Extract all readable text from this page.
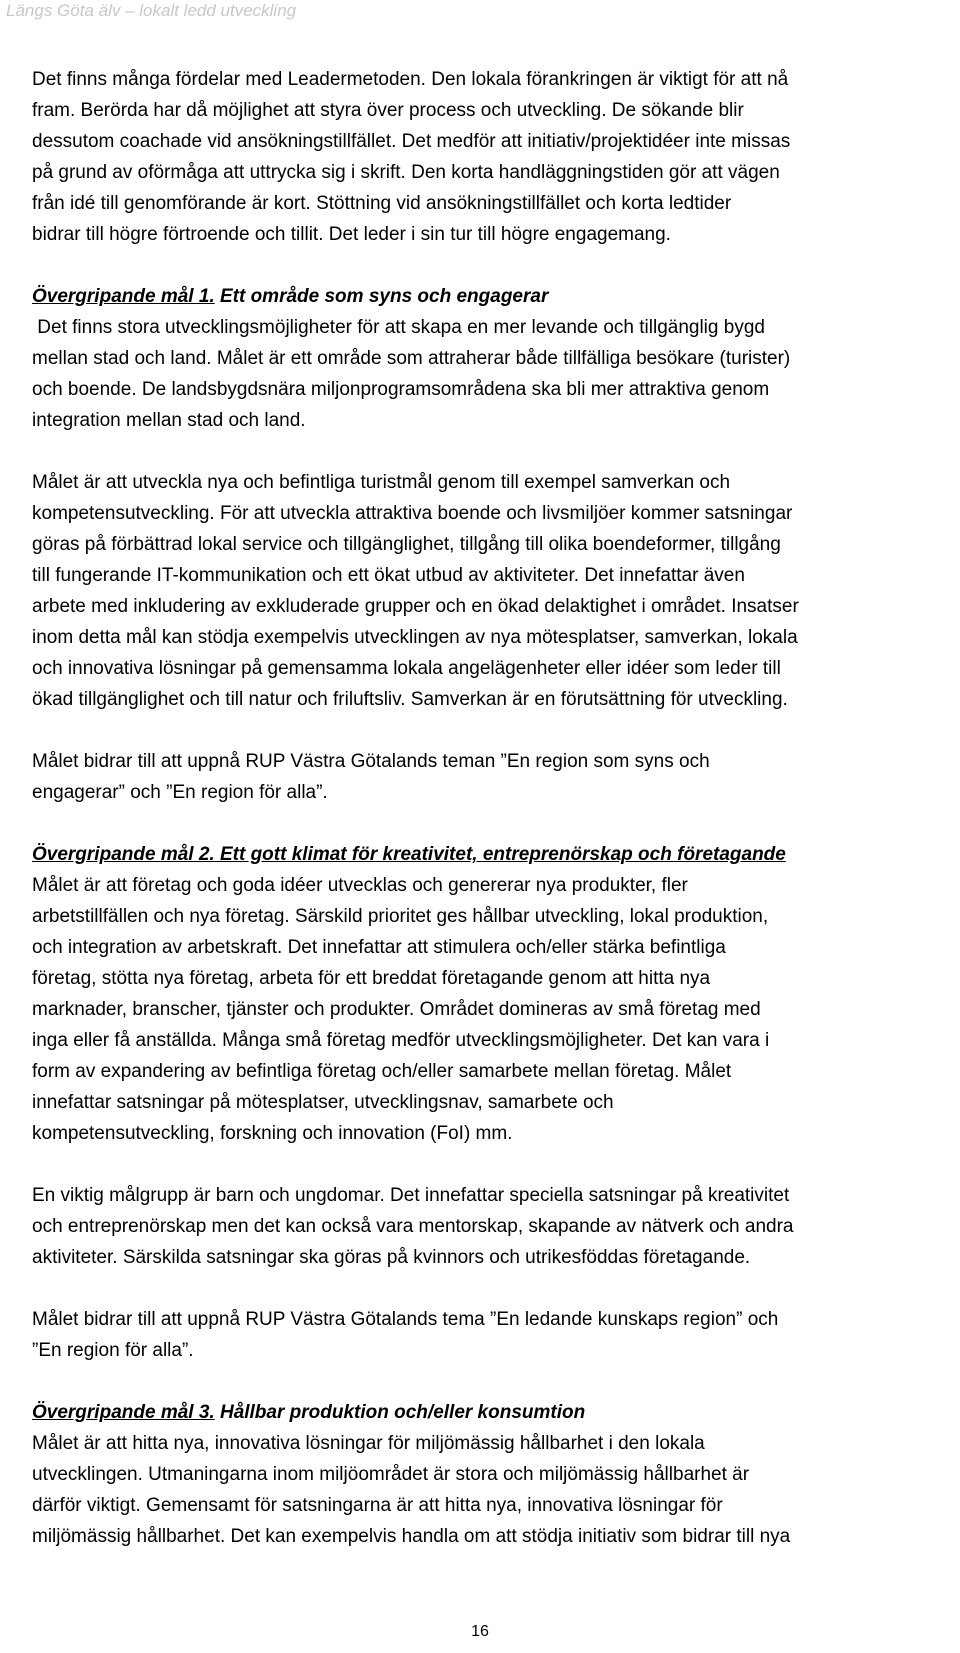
Längs Göta älv – lokalt ledd utveckling

Det finns många fördelar med Leadermetoden. Den lokala förankringen är viktigt för att nå

fram. Berörda har då möjlighet att styra över process och utveckling. De sökande blir

dessutom coachade vid ansökningstillfället. Det medför att initiativ/projektidéer inte missas

på grund av oförmåga att uttrycka sig i skrift. Den korta handläggningstiden gör att vägen

från idé till genomförande är kort. Stöttning vid ansökningstillfället och korta ledtider

bidrar till högre förtroende och tillit. Det leder i sin tur till högre engagemang.

Övergripande mål 1. Ett område som syns och engagerar

Det finns stora utvecklingsmöjligheter för att skapa en mer levande och tillgänglig bygd

mellan stad och land. Målet är ett område som attraherar både tillfälliga besökare (turister)

och boende. De landsbygdsnära miljonprogramsområdena ska bli mer attraktiva genom

integration mellan stad och land.

Målet är att utveckla nya och befintliga turistmål genom till exempel samverkan och

kompetensutveckling. För att utveckla attraktiva boende och livsmiljöer kommer satsningar

göras på förbättrad lokal service och tillgänglighet, tillgång till olika boendeformer, tillgång

till fungerande IT-kommunikation och ett ökat utbud av aktiviteter. Det innefattar även

arbete med inkludering av exkluderade grupper och en ökad delaktighet i området. Insatser

inom detta mål kan stödja exempelvis utvecklingen av nya mötesplatser, samverkan, lokala

och innovativa lösningar på gemensamma lokala angelägenheter eller idéer som leder till

ökad tillgänglighet och till natur och friluftsliv. Samverkan är en förutsättning för utveckling.

Målet bidrar till att uppnå RUP Västra Götalands teman ”En region som syns och

engagerar” och ”En region för alla”.

Övergripande mål 2. Ett gott klimat för kreativitet, entreprenörskap och företagande

Målet är att företag och goda idéer utvecklas och genererar nya produkter, fler

arbetstillfällen och nya företag. Särskild prioritet ges hållbar utveckling, lokal produktion,

och integration av arbetskraft. Det innefattar att stimulera och/eller stärka befintliga

företag, stötta nya företag, arbeta för ett breddat företagande genom att hitta nya

marknader, branscher, tjänster och produkter. Området domineras av små företag med

inga eller få anställda. Många små företag medför utvecklingsmöjligheter. Det kan vara i

form av expandering av befintliga företag och/eller samarbete mellan företag. Målet

innefattar satsningar på mötesplatser, utvecklingsnav, samarbete och

kompetensutveckling, forskning och innovation (FoI) mm.

En viktig målgrupp är barn och ungdomar. Det innefattar speciella satsningar på kreativitet

och entreprenörskap men det kan också vara mentorskap, skapande av nätverk och andra

aktiviteter. Särskilda satsningar ska göras på kvinnors och utrikesföddas företagande.

Målet bidrar till att uppnå RUP Västra Götalands tema ”En ledande kunskaps region” och

”En region för alla”.

Övergripande mål 3. Hållbar produktion och/eller konsumtion

Målet är att hitta nya, innovativa lösningar för miljömässig hållbarhet i den lokala

utvecklingen. Utmaningarna inom miljöområdet är stora och miljömässig hållbarhet är

därför viktigt. Gemensamt för satsningarna är att hitta nya, innovativa lösningar för

miljömässig hållbarhet. Det kan exempelvis handla om att stödja initiativ som bidrar till nya

16
